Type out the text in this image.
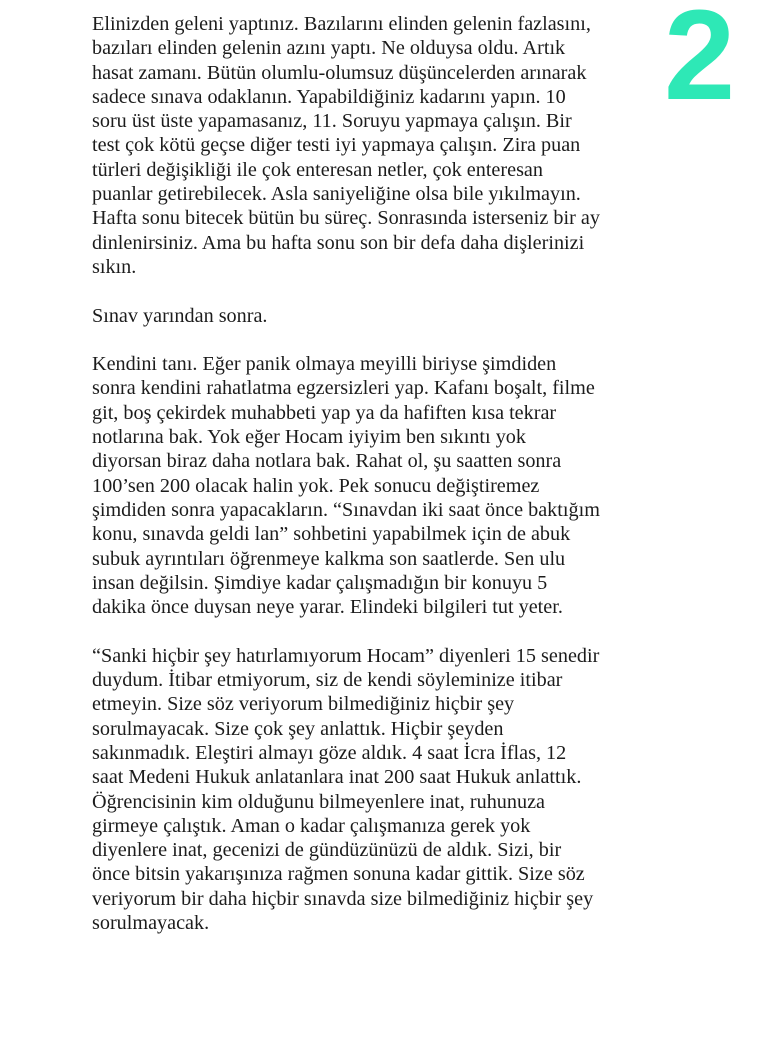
2
Elinizden geleni yaptınız. Bazılarını elinden gelenin fazlasını,
bazıları elinden gelenin azını yaptı. Ne olduysa oldu. Artık
hasat zamanı. Bütün olumlu-olumsuz düşüncelerden arınarak
sadece sınava odaklanın. Yapabildiğiniz kadarını yapın. 10
soru üst üste yapamasanız, 11. Soruyu yapmaya çalışın. Bir
test çok kötü geçse diğer testi iyi yapmaya çalışın. Zira puan
türleri değişikliği ile çok enteresan netler, çok enteresan
puanlar getirebilecek. Asla saniyeliğine olsa bile yıkılmayın.
Hafta sonu bitecek bütün bu süreç. Sonrasında isterseniz bir ay
dinlenirsiniz. Ama bu hafta sonu son bir defa daha dişlerinizi
sıkın.
Sınav yarından sonra.
Kendini tanı. Eğer panik olmaya meyilli biriyse şimdiden
sonra kendini rahatlatma egzersizleri yap. Kafanı boşalt, filme
git, boş çekirdek muhabbeti yap ya da hafiften kısa tekrar
notlarına bak. Yok eğer Hocam iyiyim ben sıkıntı yok
diyorsan biraz daha notlara bak. Rahat ol, şu saatten sonra
100’sen 200 olacak halin yok. Pek sonucu değiştiremez
şimdiden sonra yapacakların. “Sınavdan iki saat önce baktığım
konu, sınavda geldi lan” sohbetini yapabilmek için de abuk
subuk ayrıntıları öğrenmeye kalkma son saatlerde. Sen ulu
insan değilsin. Şimdiye kadar çalışmadığın bir konuyu 5
dakika önce duysan neye yarar. Elindeki bilgileri tut yeter.
“Sanki hiçbir şey hatırlamıyorum Hocam” diyenleri 15 senedir
duydum. İtibar etmiyorum, siz de kendi söyleminize itibar
etmeyin. Size söz veriyorum bilmediğiniz hiçbir şey
sorulmayacak. Size çok şey anlattık. Hiçbir şeyden
sakınmadık. Eleştiri almayı göze aldık. 4 saat İcra İflas, 12
saat Medeni Hukuk anlatanlara inat 200 saat Hukuk anlattık.
Öğrencisinin kim olduğunu bilmeyenlere inat, ruhunuza
girmeye çalıştık. Aman o kadar çalışmanıza gerek yok
diyenlere inat, gecenizi de gündüzünüzü de aldık. Sizi, bir
önce bitsin yakarışınıza rağmen sonuna kadar gittik. Size söz
veriyorum bir daha hiçbir sınavda size bilmediğiniz hiçbir şey
sorulmayacak.
